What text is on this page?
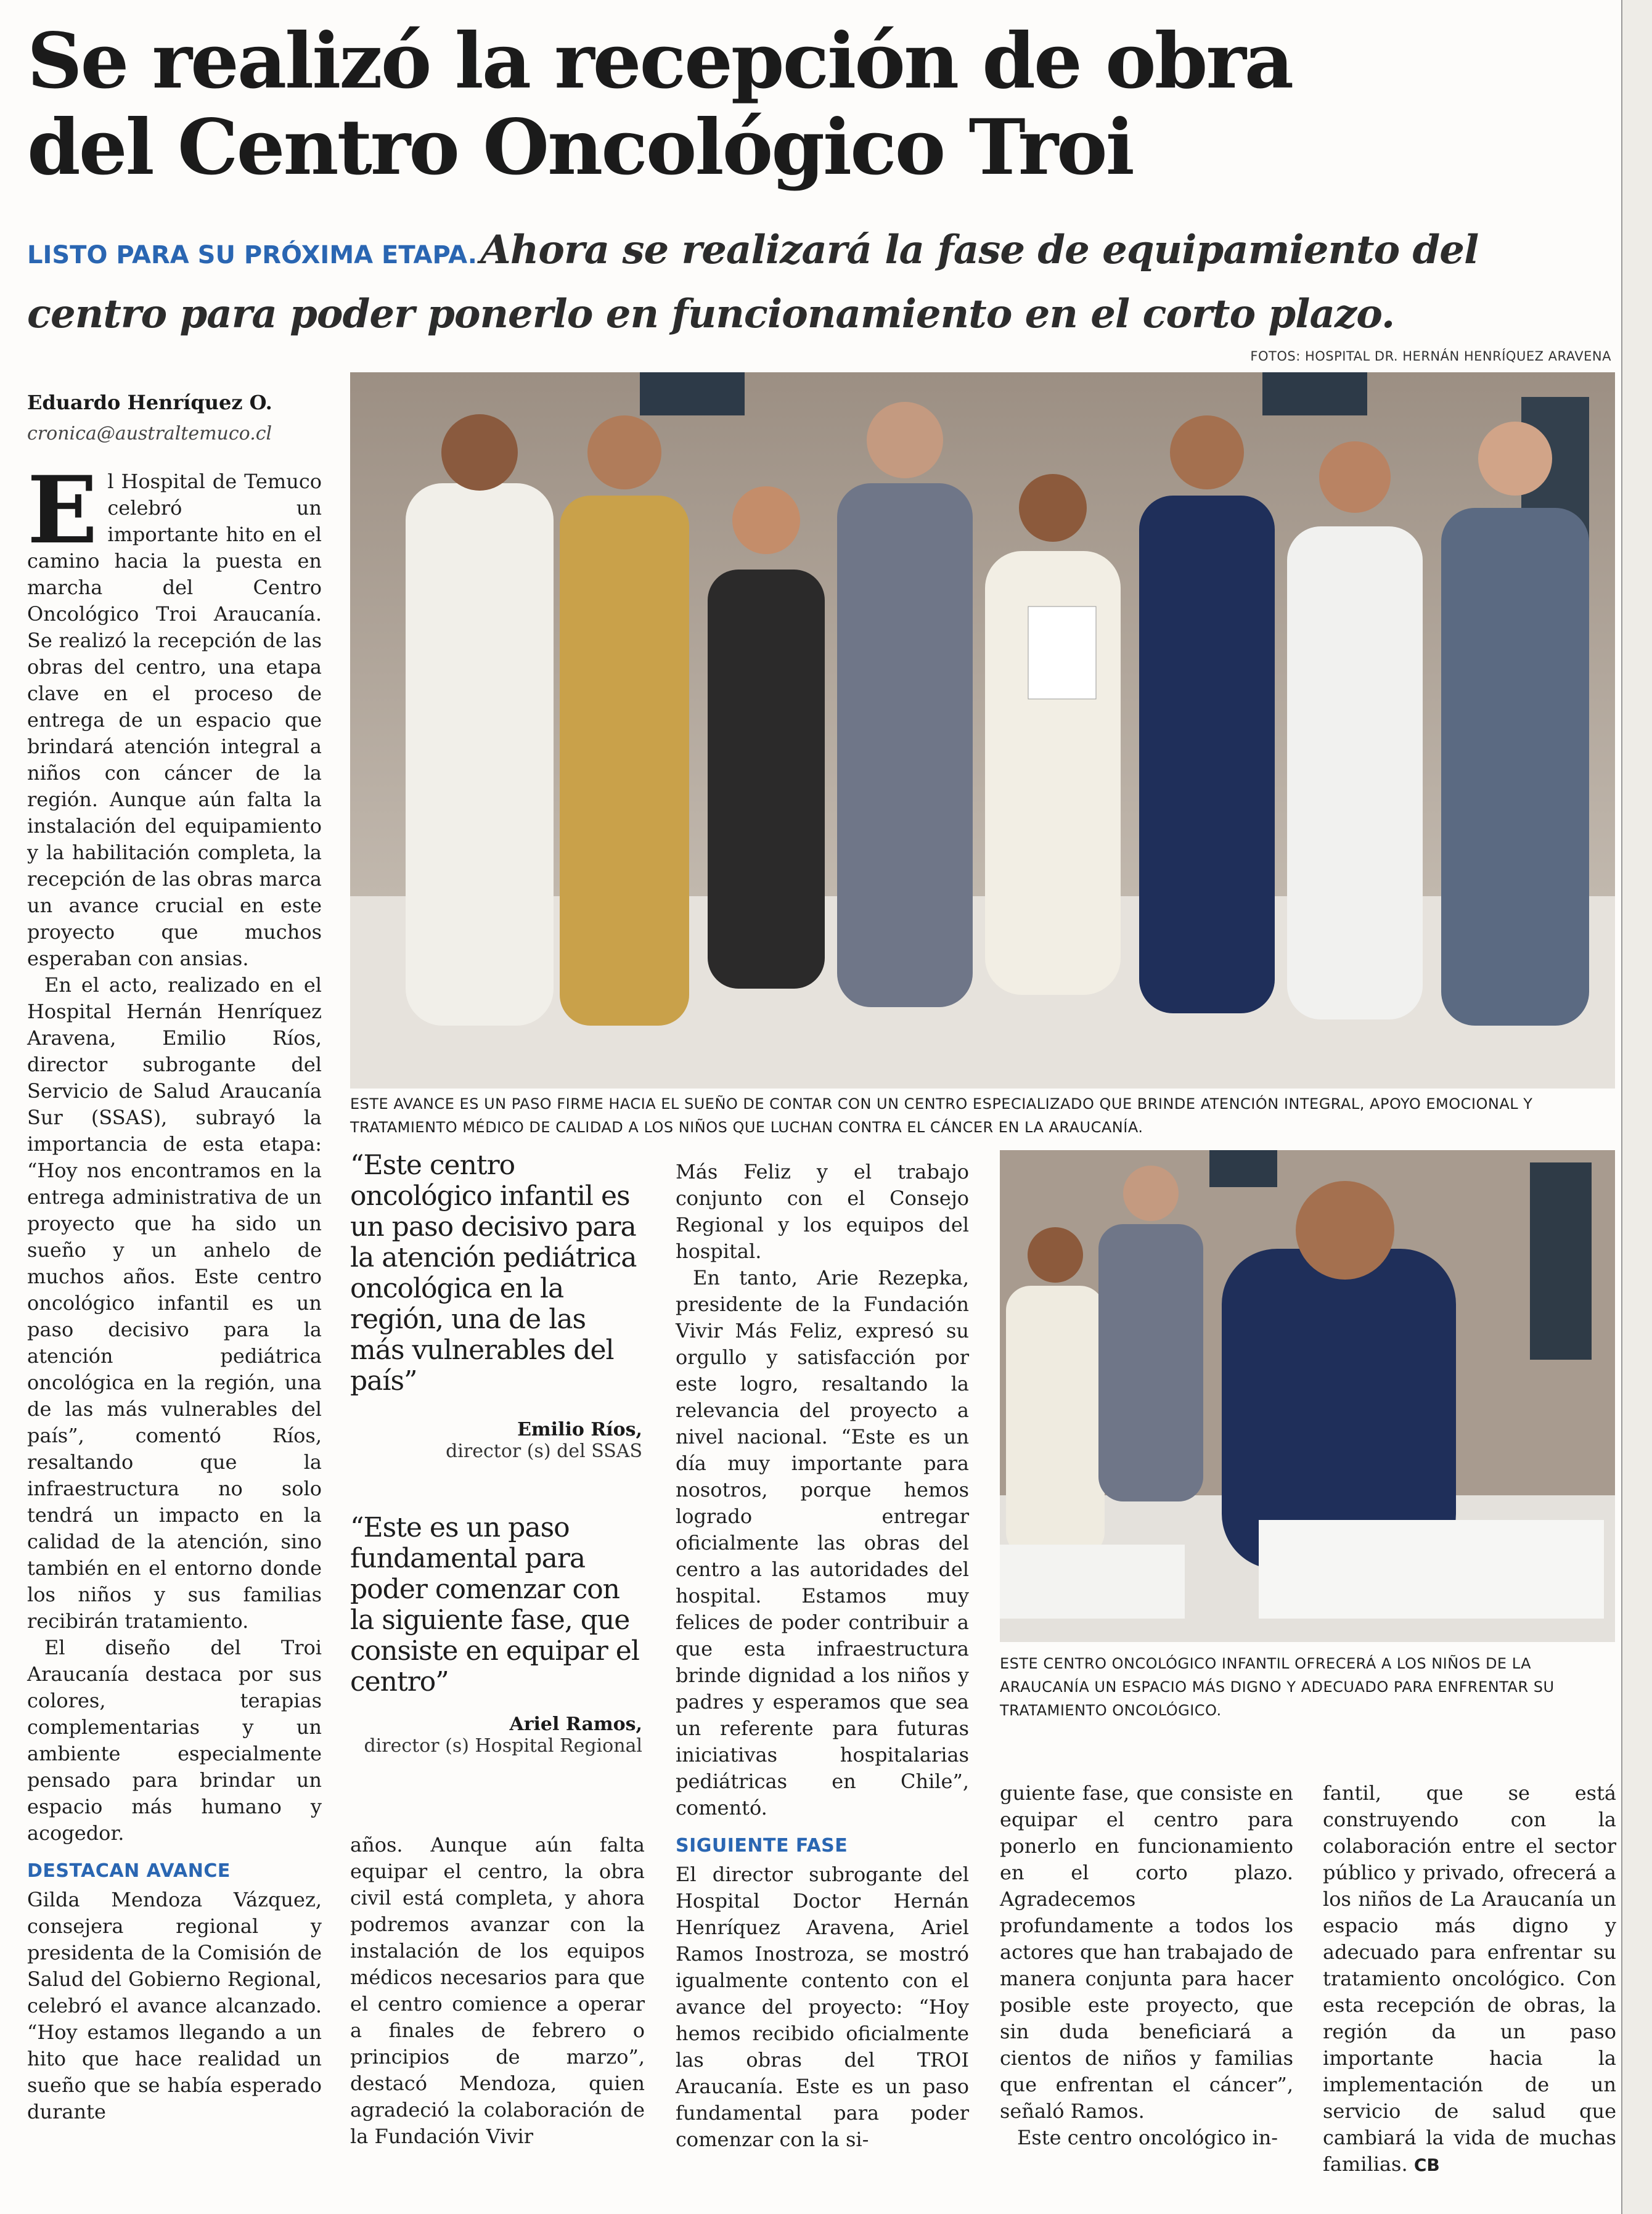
Se realizó la recepción de obra
del Centro Oncológico Troi
LISTO PARA SU PRÓXIMA ETAPA. Ahora se realizará la fase de equipamiento del centro para poder ponerlo en funcionamiento en el corto plazo.
FOTOS: HOSPITAL DR. HERNÁN HENRÍQUEZ ARAVENA
Eduardo Henríquez O.
cronica@australtemuco.cl

El Hospital de Temuco celebró un importante hito en el camino hacia la puesta en marcha del Centro Oncológico Troi Araucanía. Se realizó la recepción de las obras del centro, una etapa clave en el proceso de entrega de un espacio que brindará atención integral a niños con cáncer de la región. Aunque aún falta la instalación del equipamiento y la habilitación completa, la recepción de las obras marca un avance crucial en este proyecto que muchos esperaban con ansias.

En el acto, realizado en el Hospital Hernán Henríquez Aravena, Emilio Ríos, director subrogante del Servicio de Salud Araucanía Sur (SSAS), subrayó la importancia de esta etapa: “Hoy nos encontramos en la entrega administrativa de un proyecto que ha sido un sueño y un anhelo de muchos años. Este centro oncológico infantil es un paso decisivo para la atención pediátrica oncológica en la región, una de las más vulnerables del país”, comentó Ríos, resaltando que la infraestructura no solo tendrá un impacto en la calidad de la atención, sino también en el entorno donde los niños y sus familias recibirán tratamiento.

El diseño del Troi Araucanía destaca por sus colores, terapias complementarias y un ambiente especialmente pensado para brindar un espacio más humano y acogedor.

DESTACAN AVANCE

Gilda Mendoza Vázquez, consejera regional y presidenta de la Comisión de Salud del Gobierno Regional, celebró el avance alcanzado. “Hoy estamos llegando a un hito que hace realidad un sueño que se había esperado durante

ESTE AVANCE ES UN PASO FIRME HACIA EL SUEÑO DE CONTAR CON UN CENTRO ESPECIALIZADO QUE BRINDE ATENCIÓN INTEGRAL, APOYO EMOCIONAL Y TRATAMIENTO MÉDICO DE CALIDAD A LOS NIÑOS QUE LUCHAN CONTRA EL CÁNCER EN LA ARAUCANÍA.
“Este centro oncológico infantil es un paso decisivo para la atención pediátrica oncológica en la región, una de las más vulnerables del país”
Emilio Ríos,
director (s) del SSAS
“Este es un paso fundamental para poder comenzar con la siguiente fase, que consiste en equipar el centro”
Ariel Ramos,
director (s) Hospital Regional

años. Aunque aún falta equipar el centro, la obra civil está completa, y ahora podremos avanzar con la instalación de los equipos médicos necesarios para que el centro comience a operar a finales de febrero o principios de marzo”, destacó Mendoza, quien agradeció la colaboración de la Fundación Vivir

Más Feliz y el trabajo conjunto con el Consejo Regional y los equipos del hospital.

En tanto, Arie Rezepka, presidente de la Fundación Vivir Más Feliz, expresó su orgullo y satisfacción por este logro, resaltando la relevancia del proyecto a nivel nacional. “Este es un día muy importante para nosotros, porque hemos logrado entregar oficialmente las obras del centro a las autoridades del hospital. Estamos muy felices de poder contribuir a que esta infraestructura brinde dignidad a los niños y padres y esperamos que sea un referente para futuras iniciativas hospitalarias pediátricas en Chile”, comentó.

SIGUIENTE FASE

El director subrogante del Hospital Doctor Hernán Henríquez Aravena, Ariel Ramos Inostroza, se mostró igualmente contento con el avance del proyecto: “Hoy hemos recibido oficialmente las obras del TROI Araucanía. Este es un paso fundamental para poder comenzar con la si-

ESTE CENTRO ONCOLÓGICO INFANTIL OFRECERÁ A LOS NIÑOS DE LA ARAUCANÍA UN ESPACIO MÁS DIGNO Y ADECUADO PARA ENFRENTAR SU TRATAMIENTO ONCOLÓGICO.

guiente fase, que consiste en equipar el centro para ponerlo en funcionamiento en el corto plazo. Agradecemos profundamente a todos los actores que han trabajado de manera conjunta para hacer posible este proyecto, que sin duda beneficiará a cientos de niños y familias que enfrentan el cáncer”, señaló Ramos.

Este centro oncológico in-

fantil, que se está construyendo con la colaboración entre el sector público y privado, ofrecerá a los niños de La Araucanía un espacio más digno y adecuado para enfrentar su tratamiento oncológico. Con esta recepción de obras, la región da un paso importante hacia la implementación de un servicio de salud que cambiará la vida de muchas familias. CB
